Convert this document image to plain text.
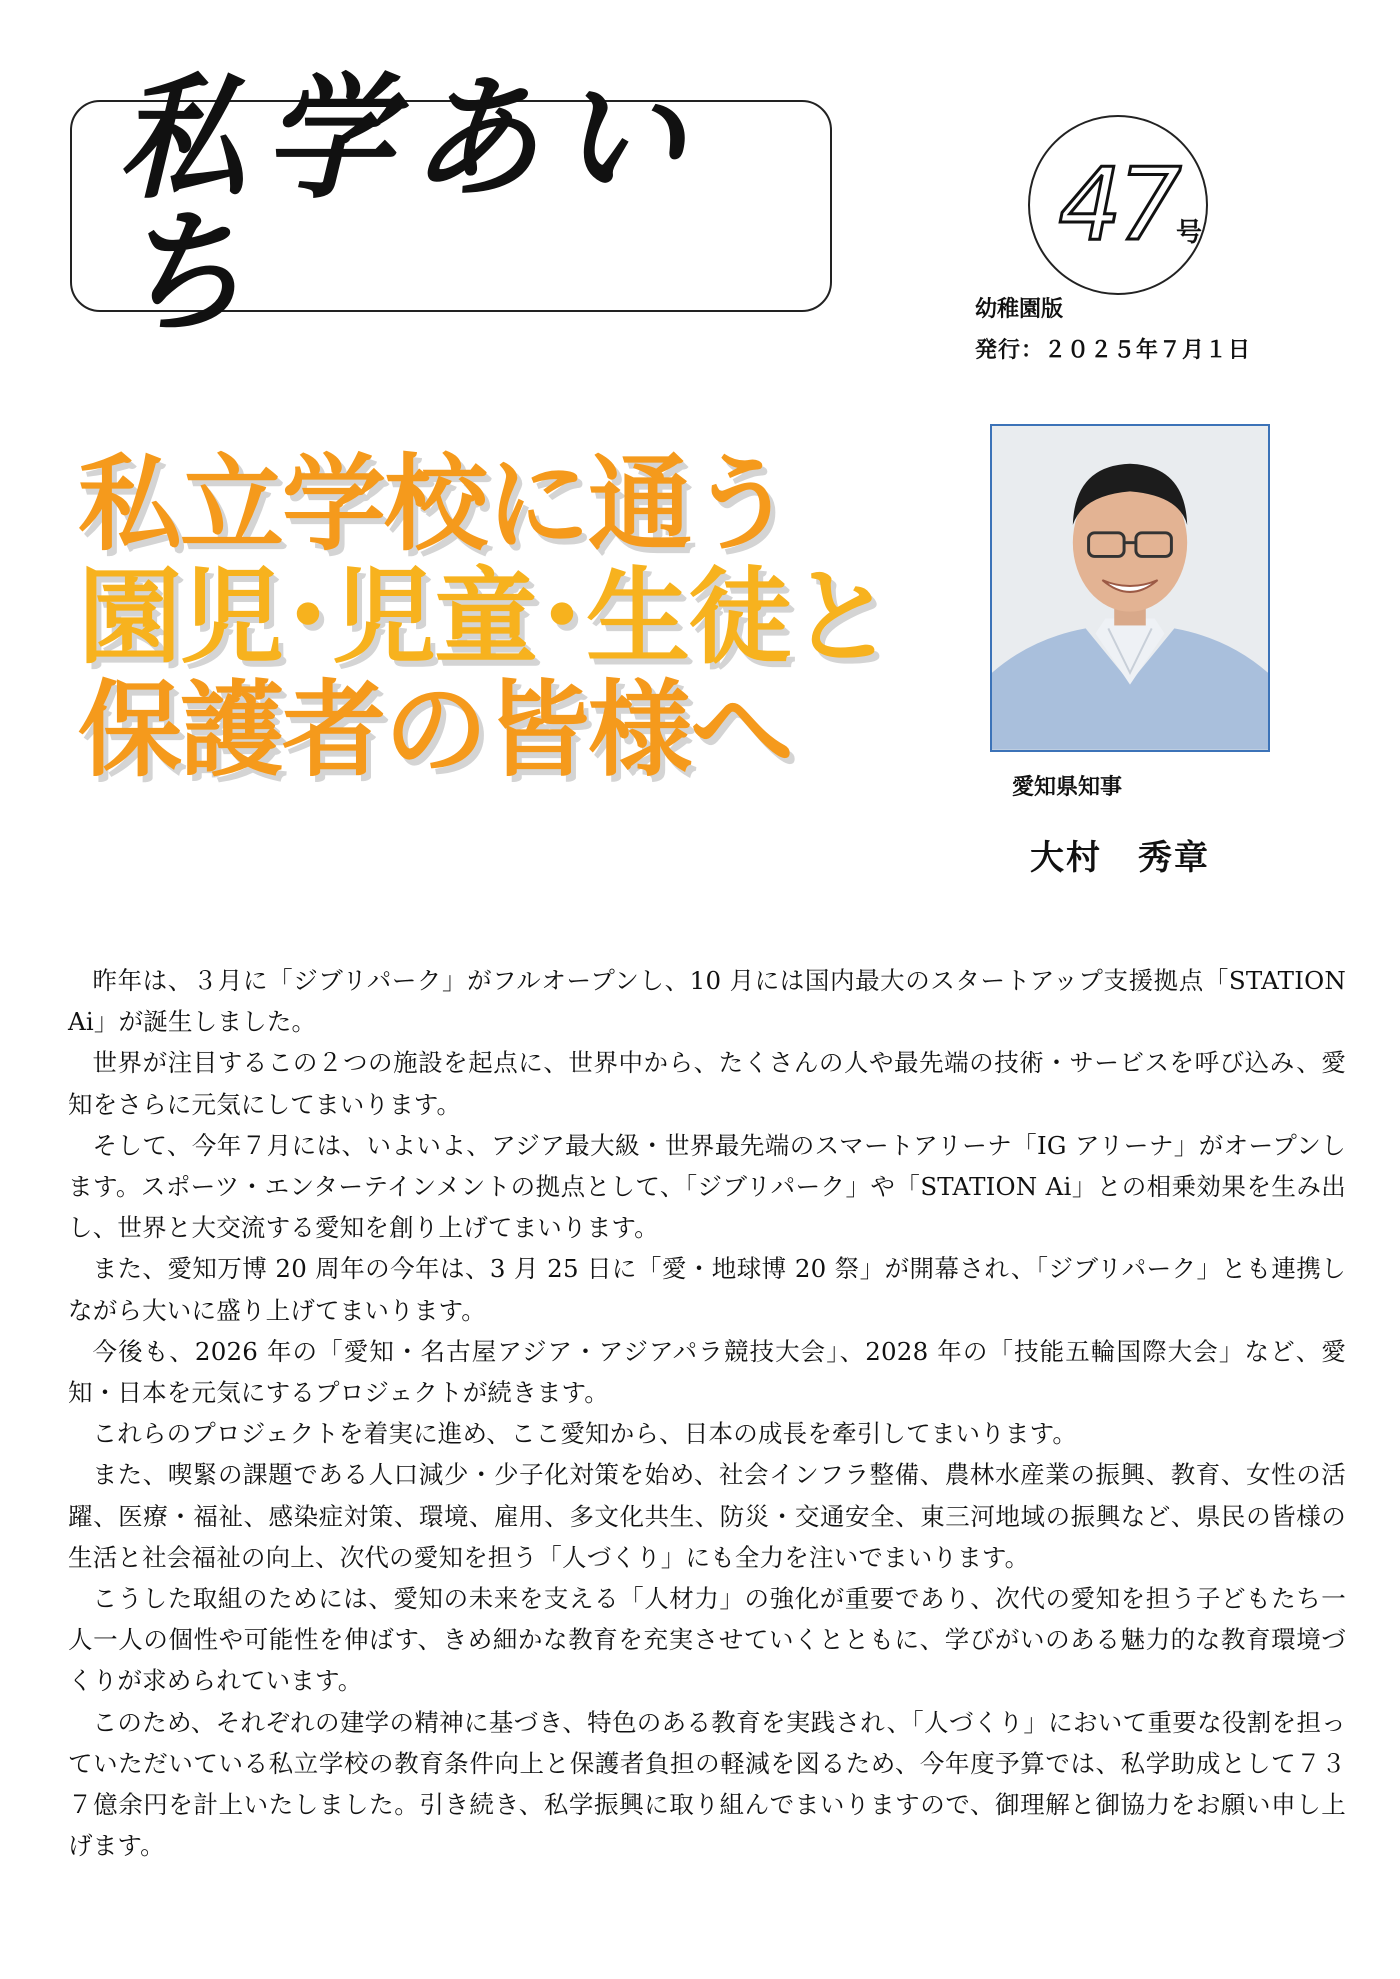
私学あいち	47
号
幼稚園版
発行：２０２５年７月１日
私立学校に通う
園児･児童･生徒と
保護者の皆様へ	愛知県知事
大村　秀章

昨年は、３月に「ジブリパーク」がフルオープンし、10 月には国内最大のスタートアップ支援拠点「STATION Ai」が誕生しました。

世界が注目するこの２つの施設を起点に、世界中から、たくさんの人や最先端の技術・サービスを呼び込み、愛知をさらに元気にしてまいります。

そして、今年７月には、いよいよ、アジア最大級・世界最先端のスマートアリーナ「IG アリーナ」がオープンします。スポーツ・エンターテインメントの拠点として、「ジブリパーク」や「STATION Ai」との相乗効果を生み出し、世界と大交流する愛知を創り上げてまいります。

また、愛知万博 20 周年の今年は、3 月 25 日に「愛・地球博 20 祭」が開幕され、「ジブリパーク」とも連携しながら大いに盛り上げてまいります。

今後も、2026 年の「愛知・名古屋アジア・アジアパラ競技大会」、2028 年の「技能五輪国際大会」など、愛知・日本を元気にするプロジェクトが続きます。

これらのプロジェクトを着実に進め、ここ愛知から、日本の成長を牽引してまいります。

また、喫緊の課題である人口減少・少子化対策を始め、社会インフラ整備、農林水産業の振興、教育、女性の活躍、医療・福祉、感染症対策、環境、雇用、多文化共生、防災・交通安全、東三河地域の振興など、県民の皆様の生活と社会福祉の向上、次代の愛知を担う「人づくり」にも全力を注いでまいります。

こうした取組のためには、愛知の未来を支える「人材力」の強化が重要であり、次代の愛知を担う子どもたち一人一人の個性や可能性を伸ばす、きめ細かな教育を充実させていくとともに、学びがいのある魅力的な教育環境づくりが求められています。

このため、それぞれの建学の精神に基づき、特色のある教育を実践され、「人づくり」において重要な役割を担っていただいている私立学校の教育条件向上と保護者負担の軽減を図るため、今年度予算では、私学助成として７３７億余円を計上いたしました。引き続き、私学振興に取り組んでまいりますので、御理解と御協力をお願い申し上げます。
